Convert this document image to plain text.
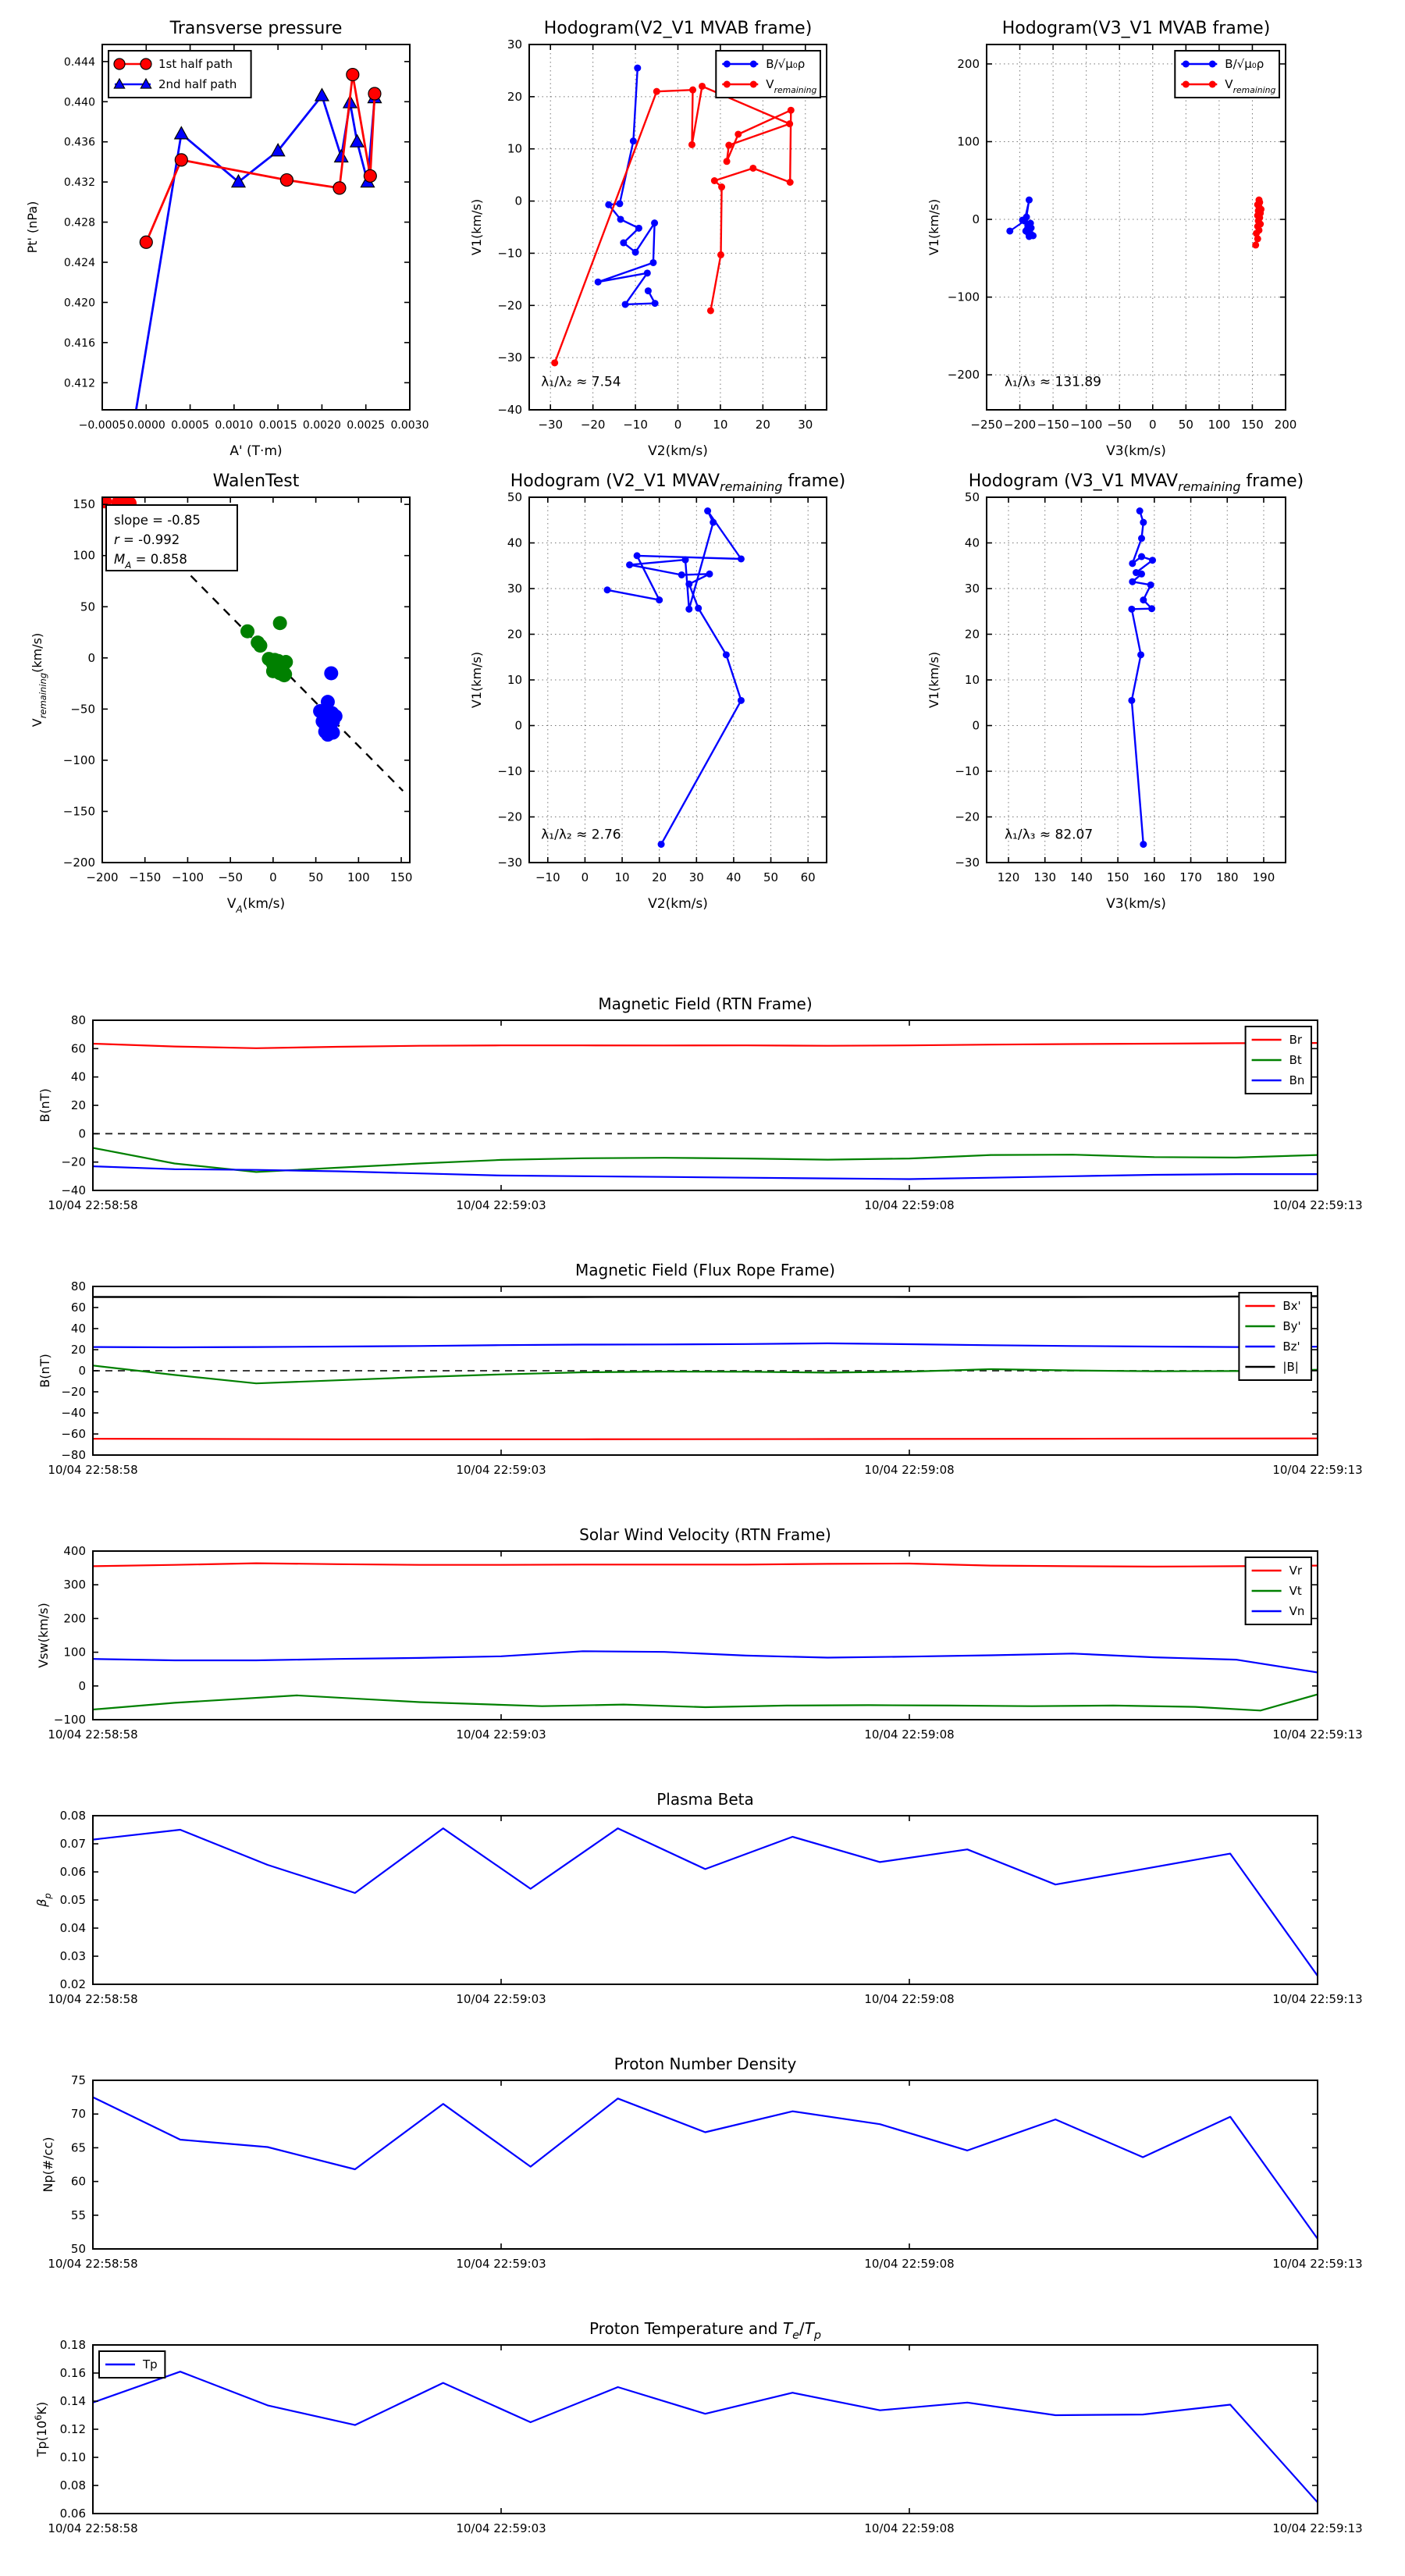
−0.0005 0.0000 0.0005 0.0010 0.0015 0.0020 0.0025 0.0030
0.412
0.416
0.420
0.424
0.428
0.432
0.436
0.440
0.444
Transverse pressure
A' (T·m)
Pt' (nPa)
1st half path
2nd half path
−30 −20 −10 0	10 20 30
−40
−30
−20
−10
0
10
20
30
Hodogram(V2_V1 MVAB frame)
V2(km/s)
V1(km/s)
λ₁/λ₂ ≈ 7.54
B/√μ₀ρ
$V_{remaining}$
−250 −200 −150 −100 −50 0 50 100 150 200
−200
−100
0
100
200
Hodogram(V3_V1 MVAB frame)
V3(km/s)
V1(km/s)
λ₁/λ₃ ≈ 131.89
B/√μ₀ρ
$V_{remaining}$
−200 −150 −100 −50 0	50 100 150
−200
−150
−100
−50
0
50
100
150
WalenTest
$V_A(km/s)$
$V_{remaining}(km/s)$
slope = -0.85
r = -0.992
$M_A = 0.858$
−10 0 10 20 30 40 50 60
−30
−20
−10
0
10
20
30
40
50
Hodogram (V2_V1 $MVAV_{remaining}$ frame)
V2(km/s)
V1(km/s)
λ₁/λ₂ ≈ 2.76
120 130 140 150 160 170 180 190
−30
−20
−10
0
10
20
30
40
50
Hodogram (V3_V1 $MVAV_{remaining}$ frame)
V3(km/s)
V1(km/s)
λ₁/λ₃ ≈ 82.07
10/04 22:58:58	10/04 22:59:03	10/04 22:59:08	10/04 22:59:13
80
60
40
20
0
−20
−40
Magnetic Field (RTN Frame)
B(nT)
Br
Bt
Bn
10/04 22:58:58	10/04 22:59:03	10/04 22:59:08	10/04 22:59:13
80
60
40
20
0
−20
−40
−60
−80
Magnetic Field (Flux Rope Frame)
B(nT)
Bx'
By'
Bz'
|B|
10/04 22:58:58	10/04 22:59:03	10/04 22:59:08	10/04 22:59:13
400
300
200
100
0
−100
Solar Wind Velocity (RTN Frame)
Vsw(km/s)
Vr
Vt
Vn
10/04 22:58:58	10/04 22:59:03	10/04 22:59:08	10/04 22:59:13
0.08
0.07
0.06
0.05
0.04
0.03
0.02
Plasma Beta
$\beta_p$
10/04 22:58:58	10/04 22:59:03	10/04 22:59:08	10/04 22:59:13
75
70
65
60
55
50
Proton Number Density
Np(#/cc)
10/04 22:58:58	10/04 22:59:03	10/04 22:59:08	10/04 22:59:13
0.18
0.16
0.14
0.12
0.10
0.08
0.06
Proton Temperature and $T_e/T_p$
$Tp(10^6K)$
Tp
